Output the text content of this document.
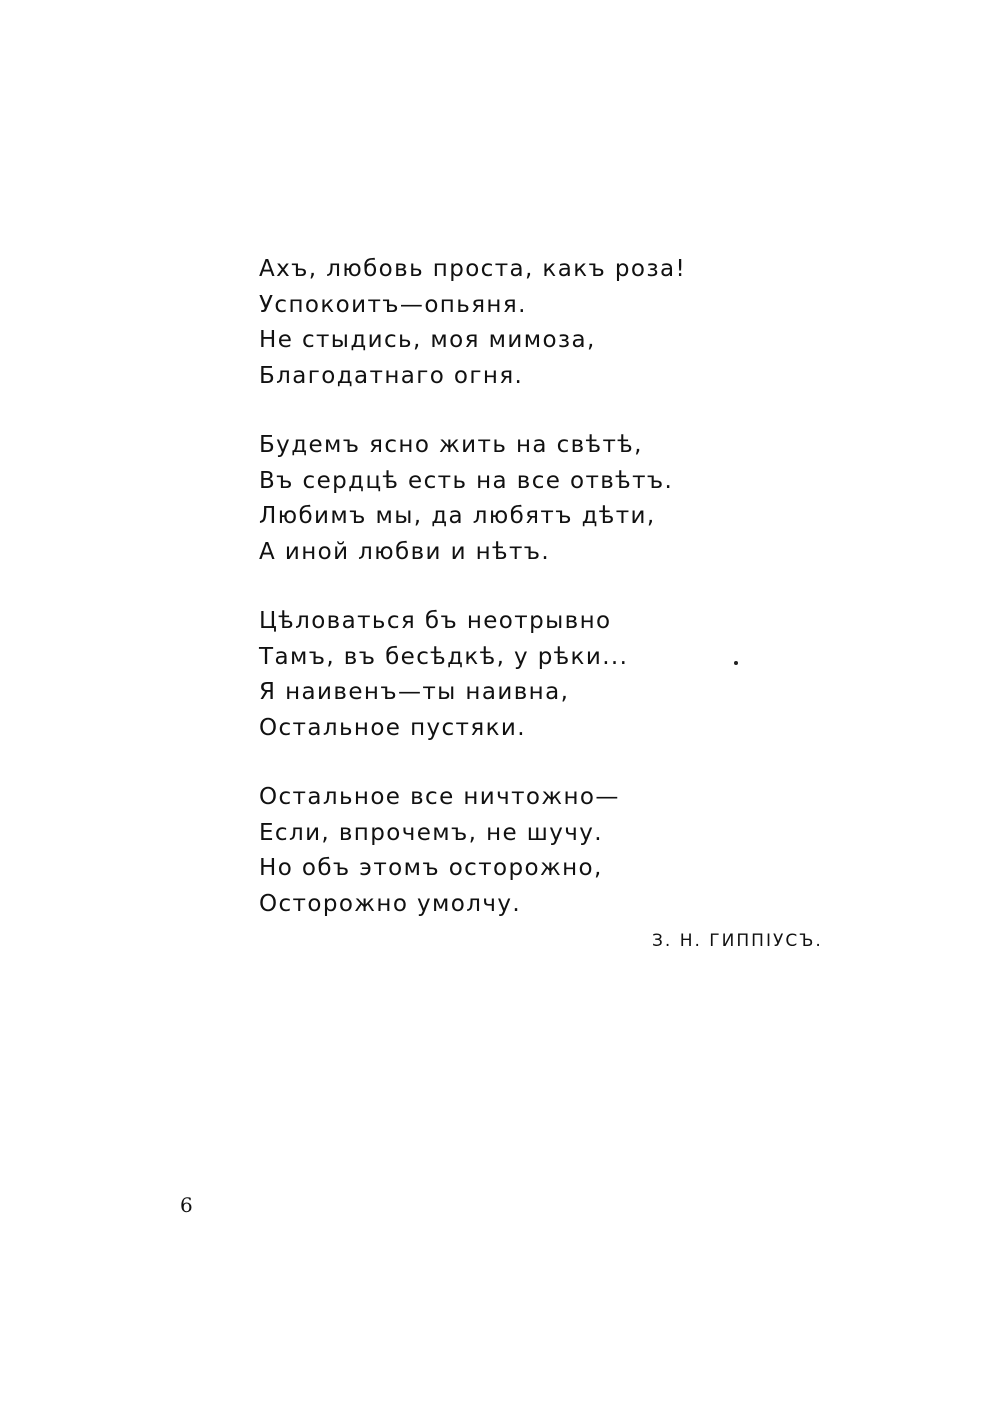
Ахъ, любовь проста, какъ роза!
Успокоитъ—опьяня.
Не стыдись, моя мимоза,
Благодатнаго огня.
Будемъ ясно жить на свѣтѣ,
Въ сердцѣ есть на все отвѣтъ.
Любимъ мы, да любятъ дѣти,
А иной любви и нѣтъ.
Цѣловаться бъ неотрывно
Тамъ, въ бесѣдкѣ, у рѣки...
Я наивенъ—ты наивна,
Остальное пустяки.
Остальное все ничтожно—
Если, впрочемъ, не шучу.
Но объ этомъ осторожно,
Осторожно умолчу.
З. Н. ГИППІУСЪ.
6
